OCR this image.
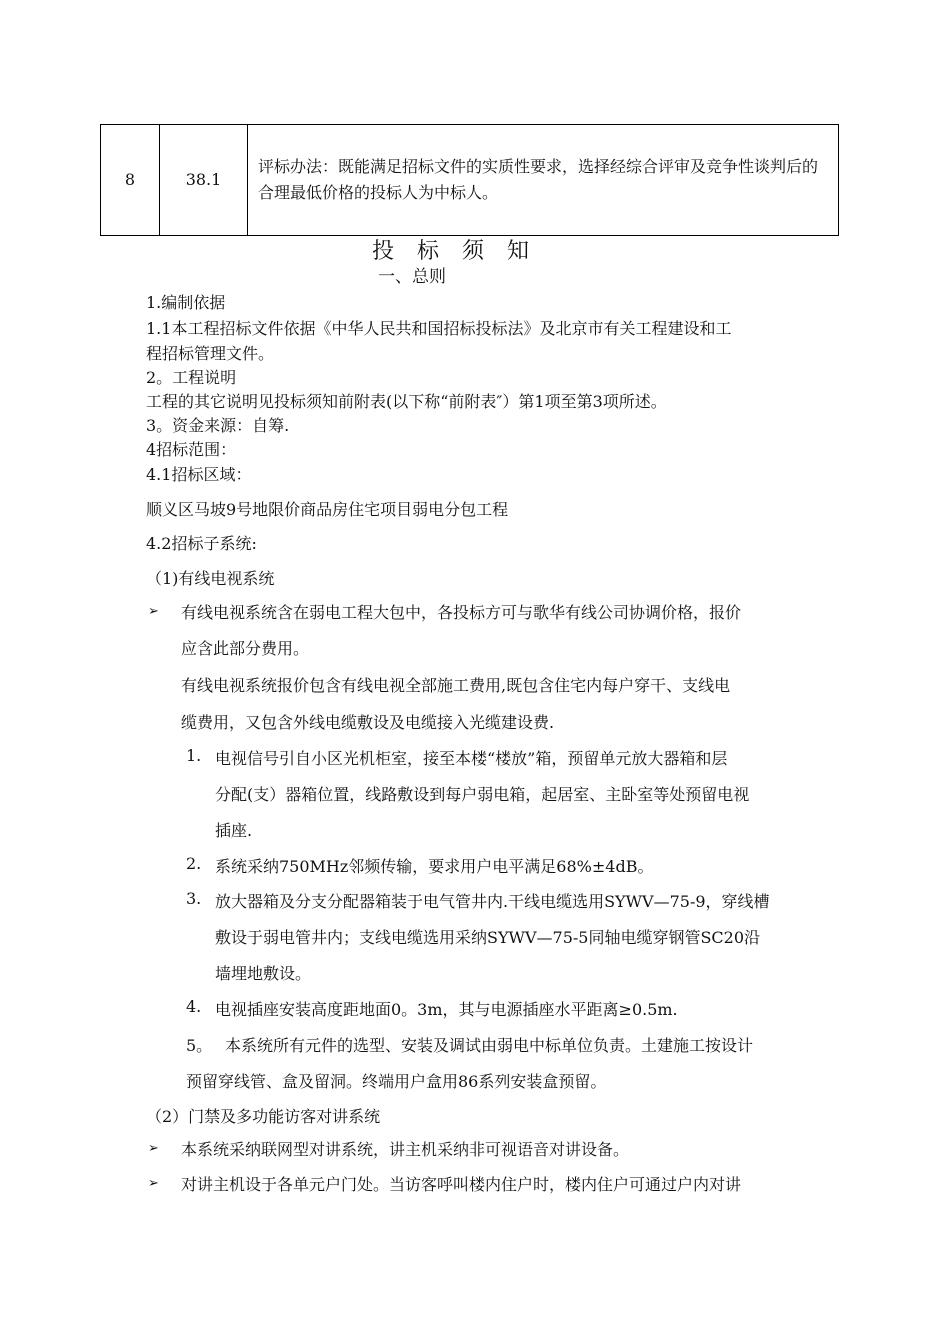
8	38.1	评标办法：既能满足招标文件的实质性要求，选择经综合评审及竞争性谈判后的合理最低价格的投标人为中标人。
投 标 须 知
一、总则
1.编制依据
1.1本工程招标文件依据《中华人民共和国招标投标法》及北京市有关工程建设和工
程招标管理文件。
2。工程说明
工程的其它说明见投标须知前附表(以下称“前附表″）第1项至第3项所述。
3。资金来源：自筹.
4招标范围：
4.1招标区域：
顺义区马坡9号地限价商品房住宅项目弱电分包工程
4.2招标子系统:
（1)有线电视系统
➢ 有线电视系统含在弱电工程大包中，各投标方可与歌华有线公司协调价格，报价
应含此部分费用。
有线电视系统报价包含有线电视全部施工费用,既包含住宅内每户穿干、支线电
缆费用，又包含外线电缆敷设及电缆接入光缆建设费.
1. 电视信号引自小区光机柜室，接至本楼“楼放”箱，预留单元放大器箱和层
分配(支）器箱位置，线路敷设到每户弱电箱，起居室、主卧室等处预留电视
插座.
2. 系统采纳750MHz邻频传输，要求用户电平满足68%±4dB。
3. 放大器箱及分支分配器箱装于电气管井内.干线电缆选用SYWV—75-9，穿线槽
敷设于弱电管井内；支线电缆选用采纳SYWV—75-5同轴电缆穿钢管SC20沿
墙埋地敷设。
4. 电视插座安装高度距地面0。3m，其与电源插座水平距离≥0.5m.
5。 本系统所有元件的选型、安装及调试由弱电中标单位负责。土建施工按设计
预留穿线管、盒及留洞。终端用户盒用86系列安装盒预留。
（2）门禁及多功能访客对讲系统
➢ 本系统采纳联网型对讲系统，讲主机采纳非可视语音对讲设备。
➢ 对讲主机设于各单元户门处。当访客呼叫楼内住户时，楼内住户可通过户内对讲
